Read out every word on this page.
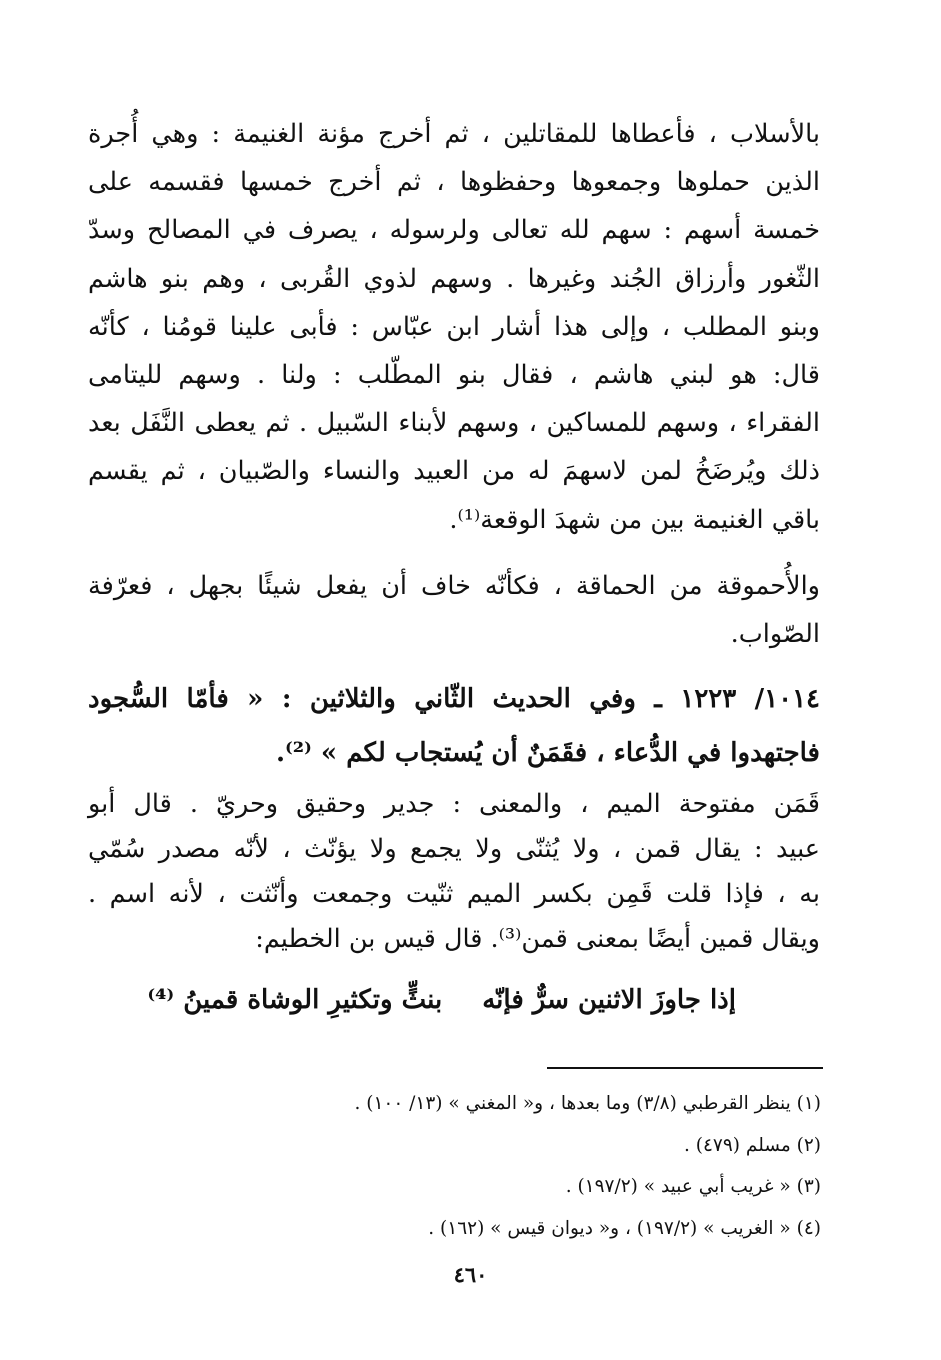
بالأسلاب ، فأعطاها للمقاتلين ، ثم أخرج مؤنة الغنيمة : وهي أُجرة
الذين حملوها وجمعوها وحفظوها ، ثم أخرج خمسها فقسمه على
خمسة أسهم : سهم لله تعالى ولرسوله ، يصرف في المصالح وسدّ
الثّغور وأرزاق الجُند وغيرها . وسهم لذوي القُربى ، وهم بنو هاشم
وبنو المطلب ، وإلى هذا أشار ابن عبّاس : فأبى علينا قومُنا ، كأنّه
قال: هو لبني هاشم ، فقال بنو المطّلب : ولنا . وسهم لليتامى
الفقراء ، وسهم للمساكين ، وسهم لأبناء السّبيل . ثم يعطى النَّفَل بعد
ذلك ويُرضَخُ لمن لاسهمَ له من العبيد والنساء والصّبيان ، ثم يقسم
باقي الغنيمة بين من شهدَ الوقعة⁽¹⁾.
والأُحموقة من الحماقة ، فكأنّه خاف أن يفعل شيئًا بجهل ، فعرّفة
الصّواب.
١٠١٤/ ١٢٢٣ ـ وفي الحديث الثّاني والثلاثين : « فأمّا السُّجود
فاجتهدوا في الدُّعاء ، فقَمَنٌ أن يُستجاب لكم » ⁽²⁾.
قَمَن مفتوحة الميم ، والمعنى : جدير وحقيق وحريّ . قال أبو
عبيد : يقال قمن ، ولا يُثنّى ولا يجمع ولا يؤنّث ، لأنّه مصدر سُمّي
به ، فإذا قلت قَمِن بكسر الميم ثنّيت وجمعت وأنّثت ، لأنه اسم .
ويقال قمين أيضًا بمعنى قمن⁽³⁾. قال قيس بن الخطيم:
إذا جاوزَ الاثنين سرٌّ فإنّهبنثٍّ وتكثيرِ الوشاة قمينُ ⁽⁴⁾
(١) ينظر القرطبي (٣/٨) وما بعدها ، و« المغني » (١٣/ ١٠٠) .
(٢) مسلم (٤٧٩) .
(٣) « غريب أبي عبيد » (١٩٧/٢) .
(٤) « الغريب » (١٩٧/٢) ، و« ديوان قيس » (١٦٢) .
٤٦٠
